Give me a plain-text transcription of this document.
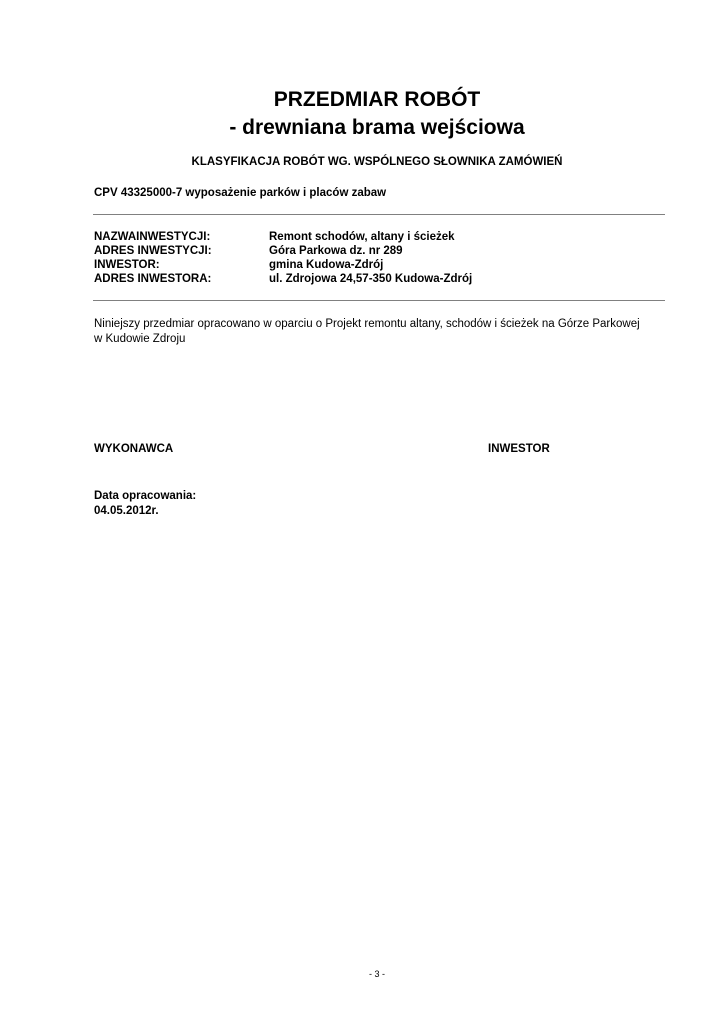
PRZEDMIAR ROBÓT
- drewniana brama wejściowa

KLASYFIKACJA ROBÓT WG. WSPÓLNEGO SŁOWNIKA ZAMÓWIEŃ

CPV 43325000-7 wyposażenie parków i placów zabaw

NAZWAINWESTYCJI:	Remont schodów, altany i ścieżek
ADRES INWESTYCJI:	Góra Parkowa dz. nr 289
INWESTOR:	gmina Kudowa-Zdrój
ADRES INWESTORA:	ul. Zdrojowa 24,57-350 Kudowa-Zdrój

Niniejszy przedmiar opracowano w oparciu o Projekt remontu altany, schodów i ścieżek na Górze Parkowej w Kudowie Zdroju

WYKONAWCA	INWESTOR

Data opracowania:
04.05.2012r.

- 3 -
